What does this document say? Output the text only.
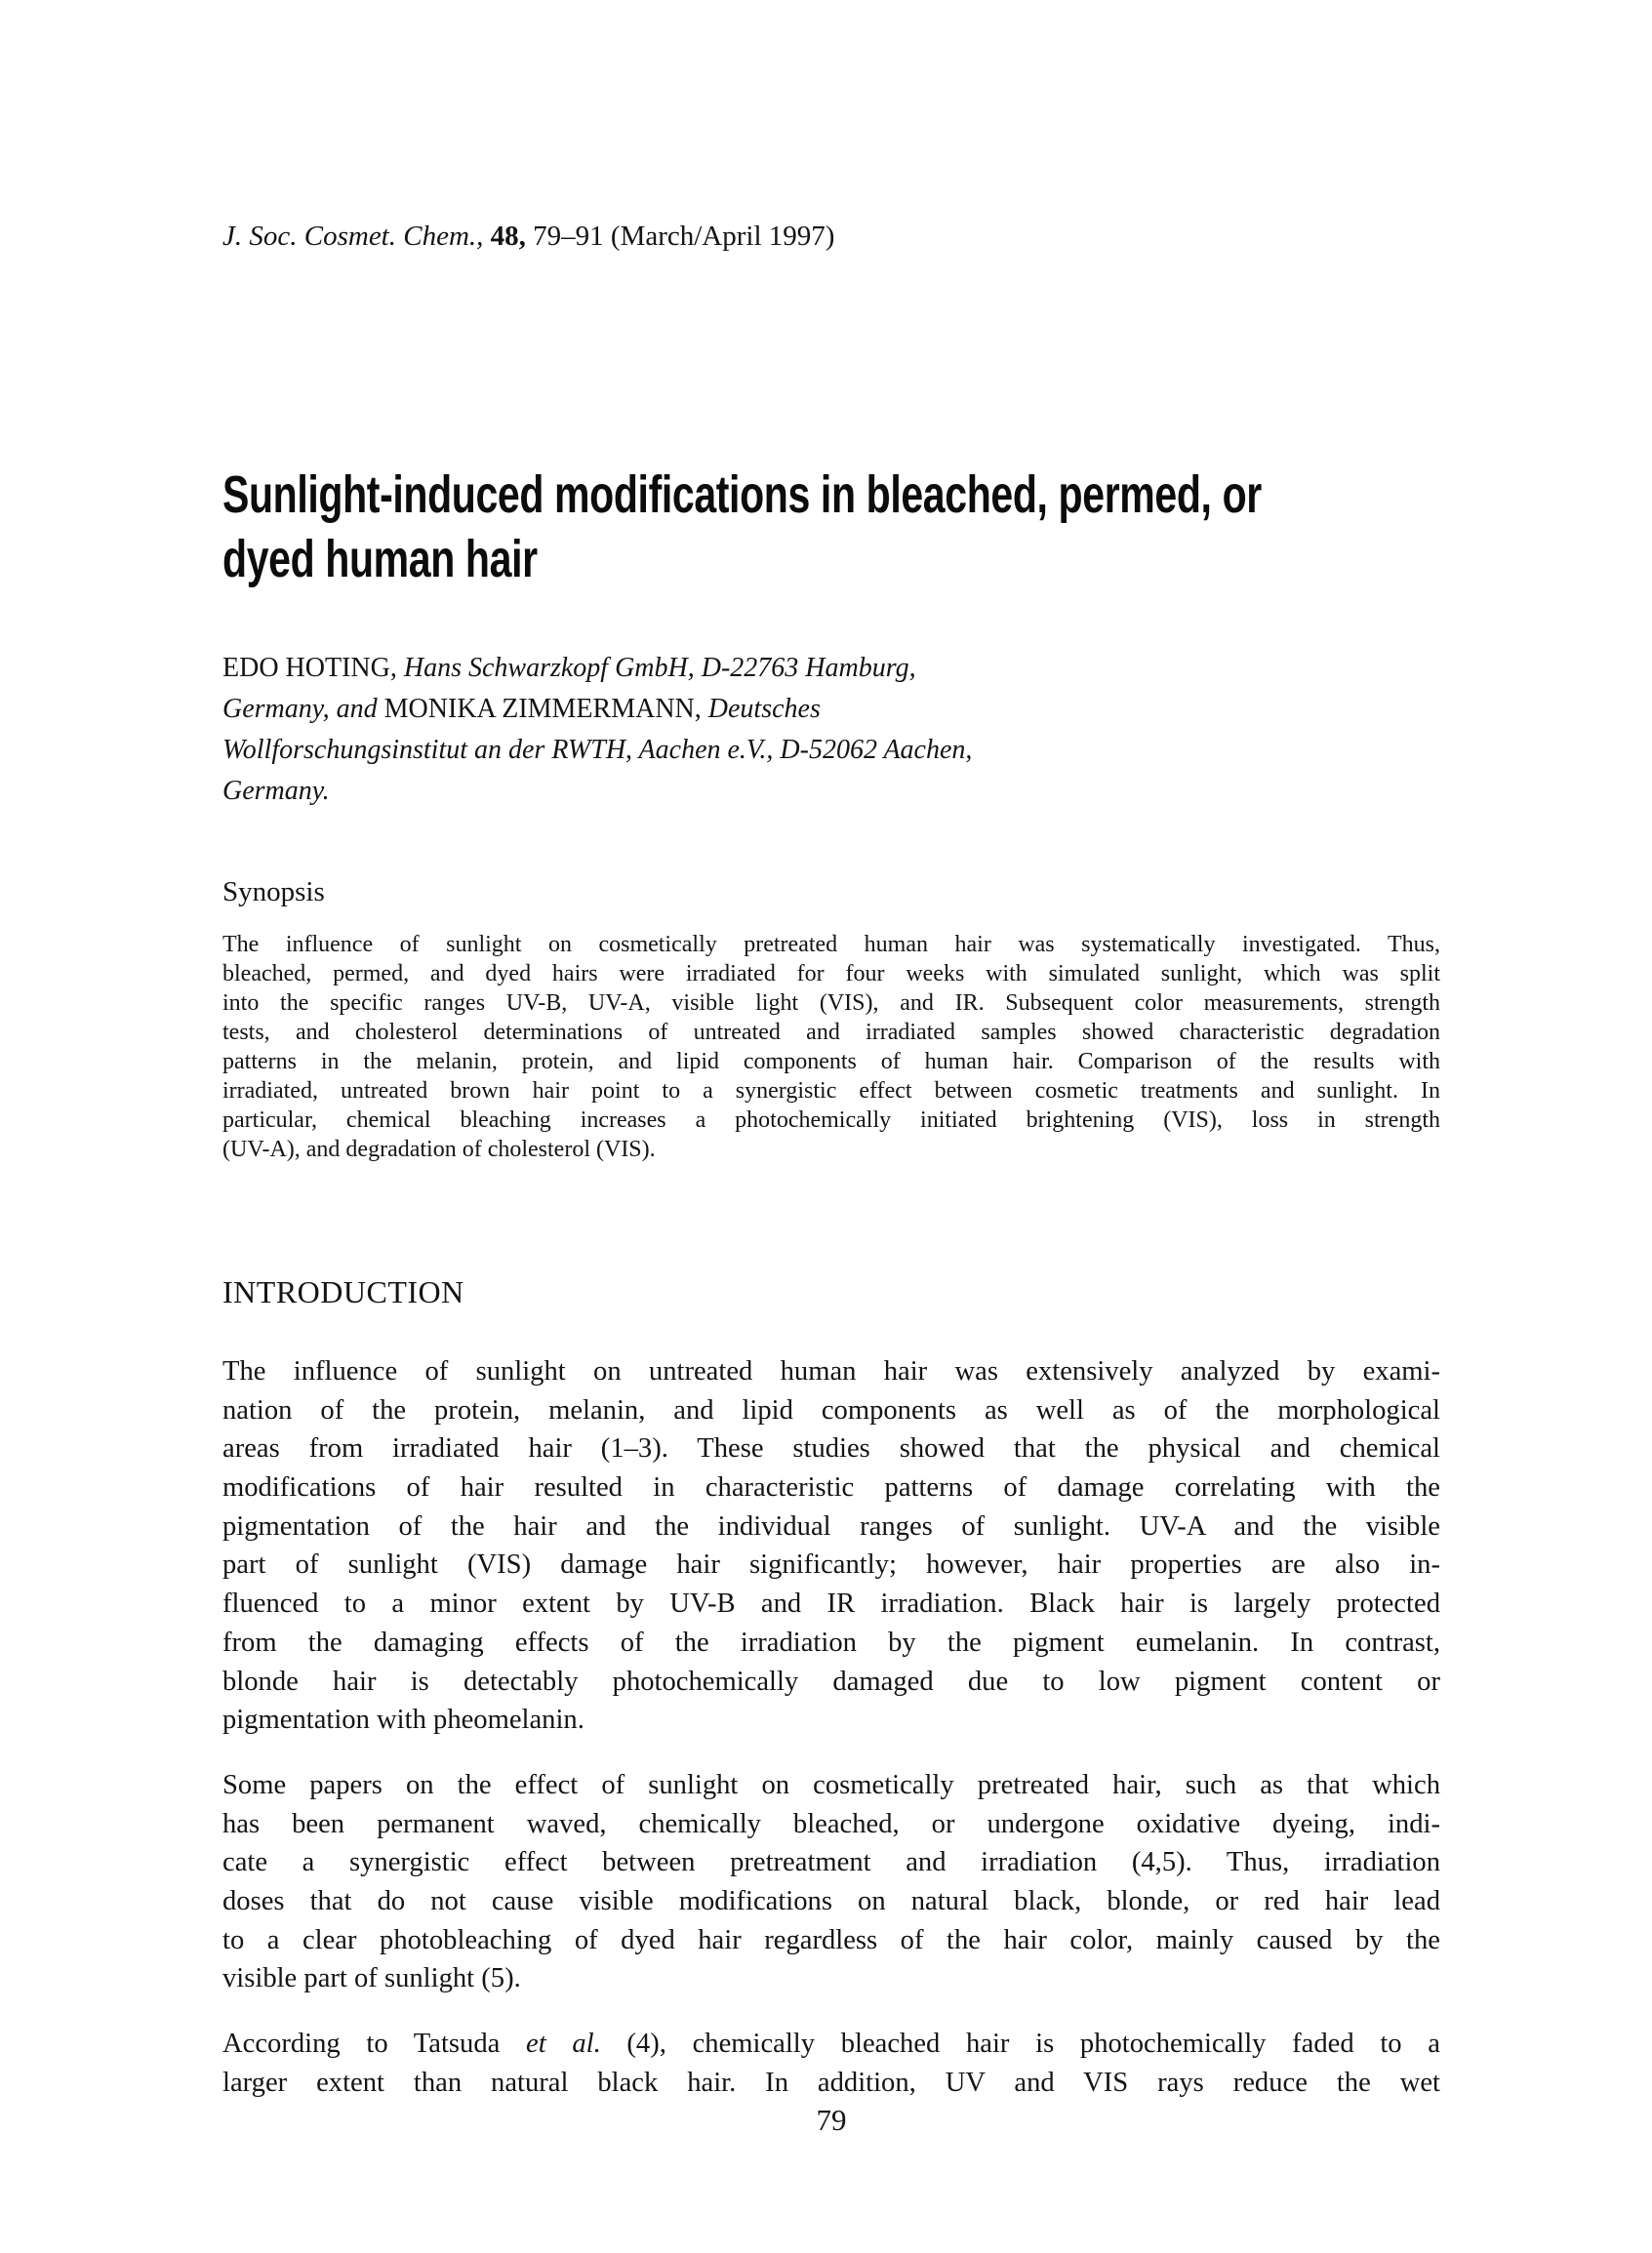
J. Soc. Cosmet. Chem., 48, 79–91 (March/April 1997)
Sunlight-induced modifications in bleached, permed, or
dyed human hair
EDO HOTING, Hans Schwarzkopf GmbH, D-22763 Hamburg,
Germany, and MONIKA ZIMMERMANN, Deutsches
Wollforschungsinstitut an der RWTH, Aachen e.V., D-52062 Aachen,
Germany.
Synopsis
The influence of sunlight on cosmetically pretreated human hair was systematically investigated. Thus,
bleached, permed, and dyed hairs were irradiated for four weeks with simulated sunlight, which was split
into the specific ranges UV-B, UV-A, visible light (VIS), and IR. Subsequent color measurements, strength
tests, and cholesterol determinations of untreated and irradiated samples showed characteristic degradation
patterns in the melanin, protein, and lipid components of human hair. Comparison of the results with
irradiated, untreated brown hair point to a synergistic effect between cosmetic treatments and sunlight. In
particular, chemical bleaching increases a photochemically initiated brightening (VIS), loss in strength
(UV-A), and degradation of cholesterol (VIS).
INTRODUCTION
The influence of sunlight on untreated human hair was extensively analyzed by exami-
nation of the protein, melanin, and lipid components as well as of the morphological
areas from irradiated hair (1–3). These studies showed that the physical and chemical
modifications of hair resulted in characteristic patterns of damage correlating with the
pigmentation of the hair and the individual ranges of sunlight. UV-A and the visible
part of sunlight (VIS) damage hair significantly; however, hair properties are also in-
fluenced to a minor extent by UV-B and IR irradiation. Black hair is largely protected
from the damaging effects of the irradiation by the pigment eumelanin. In contrast,
blonde hair is detectably photochemically damaged due to low pigment content or
pigmentation with pheomelanin.
Some papers on the effect of sunlight on cosmetically pretreated hair, such as that which
has been permanent waved, chemically bleached, or undergone oxidative dyeing, indi-
cate a synergistic effect between pretreatment and irradiation (4,5). Thus, irradiation
doses that do not cause visible modifications on natural black, blonde, or red hair lead
to a clear photobleaching of dyed hair regardless of the hair color, mainly caused by the
visible part of sunlight (5).
According to Tatsuda et al. (4), chemically bleached hair is photochemically faded to a
larger extent than natural black hair. In addition, UV and VIS rays reduce the wet
79
